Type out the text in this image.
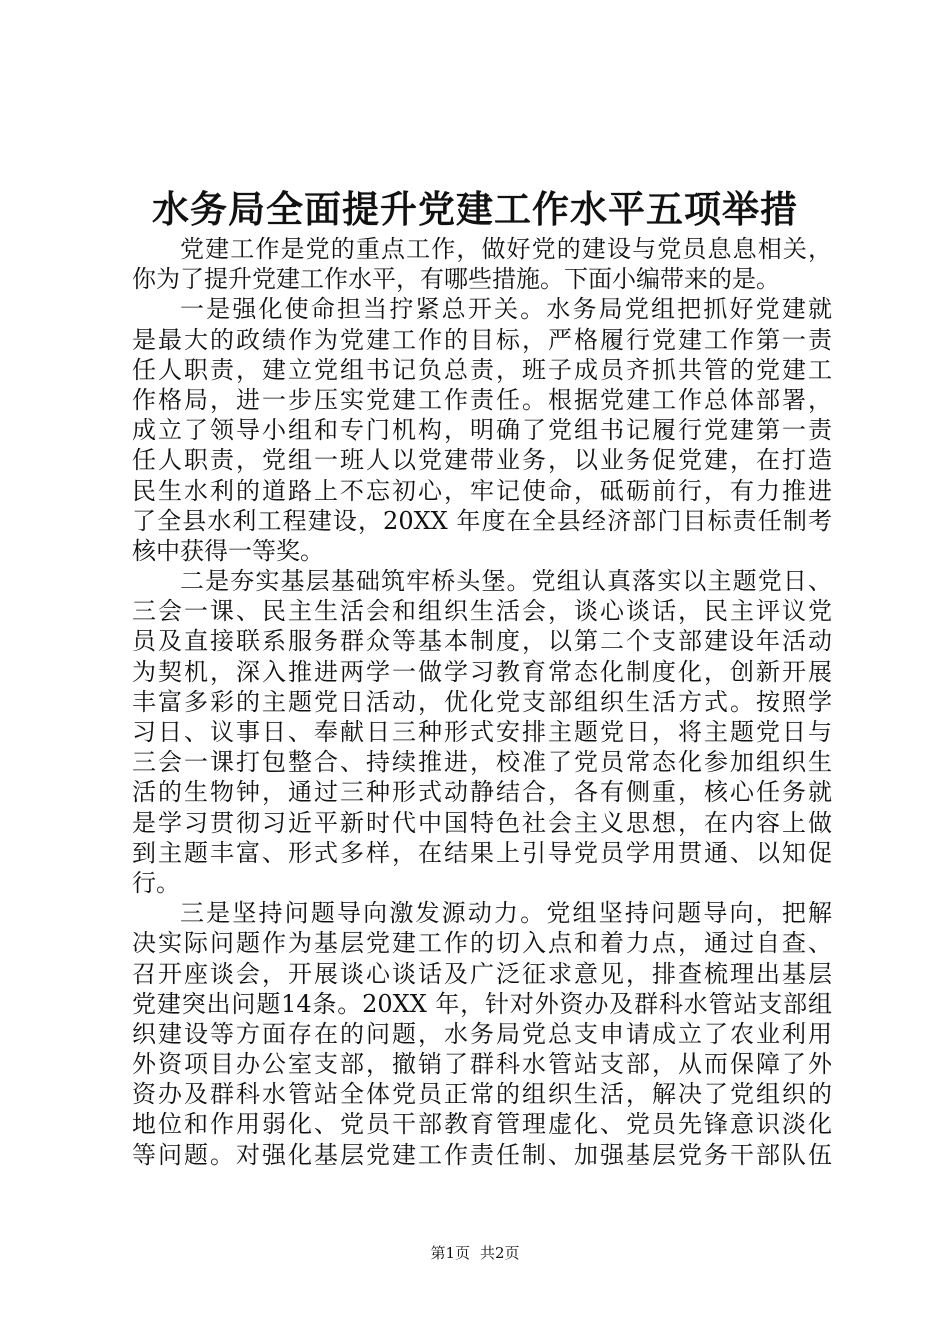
水务局全面提升党建工作水平五项举措
党建工作是党的重点工作，做好党的建设与党员息息相关，
你为了提升党建工作水平，有哪些措施。下面小编带来的是。
一是强化使命担当拧紧总开关。水务局党组把抓好党建就
是最大的政绩作为党建工作的目标，严格履行党建工作第一责
任人职责，建立党组书记负总责，班子成员齐抓共管的党建工
作格局，进一步压实党建工作责任。根据党建工作总体部署，
成立了领导小组和专门机构，明确了党组书记履行党建第一责
任人职责，党组一班人以党建带业务，以业务促党建，在打造
民生水利的道路上不忘初心，牢记使命，砥砺前行，有力推进
了全县水利工程建设，20XX 年度在全县经济部门目标责任制考
核中获得一等奖。
二是夯实基层基础筑牢桥头堡。党组认真落实以主题党日、
三会一课、民主生活会和组织生活会，谈心谈话，民主评议党
员及直接联系服务群众等基本制度，以第二个支部建设年活动
为契机，深入推进两学一做学习教育常态化制度化，创新开展
丰富多彩的主题党日活动，优化党支部组织生活方式。按照学
习日、议事日、奉献日三种形式安排主题党日，将主题党日与
三会一课打包整合、持续推进，校准了党员常态化参加组织生
活的生物钟，通过三种形式动静结合，各有侧重，核心任务就
是学习贯彻习近平新时代中国特色社会主义思想，在内容上做
到主题丰富、形式多样，在结果上引导党员学用贯通、以知促
行。
三是坚持问题导向激发源动力。党组坚持问题导向，把解
决实际问题作为基层党建工作的切入点和着力点，通过自查、
召开座谈会，开展谈心谈话及广泛征求意见，排查梳理出基层
党建突出问题14条。20XX 年，针对外资办及群科水管站支部组
织建设等方面存在的问题，水务局党总支申请成立了农业利用
外资项目办公室支部，撤销了群科水管站支部，从而保障了外
资办及群科水管站全体党员正常的组织生活，解决了党组织的
地位和作用弱化、党员干部教育管理虚化、党员先锋意识淡化
等问题。对强化基层党建工作责任制、加强基层党务干部队伍
第1页 共2页
